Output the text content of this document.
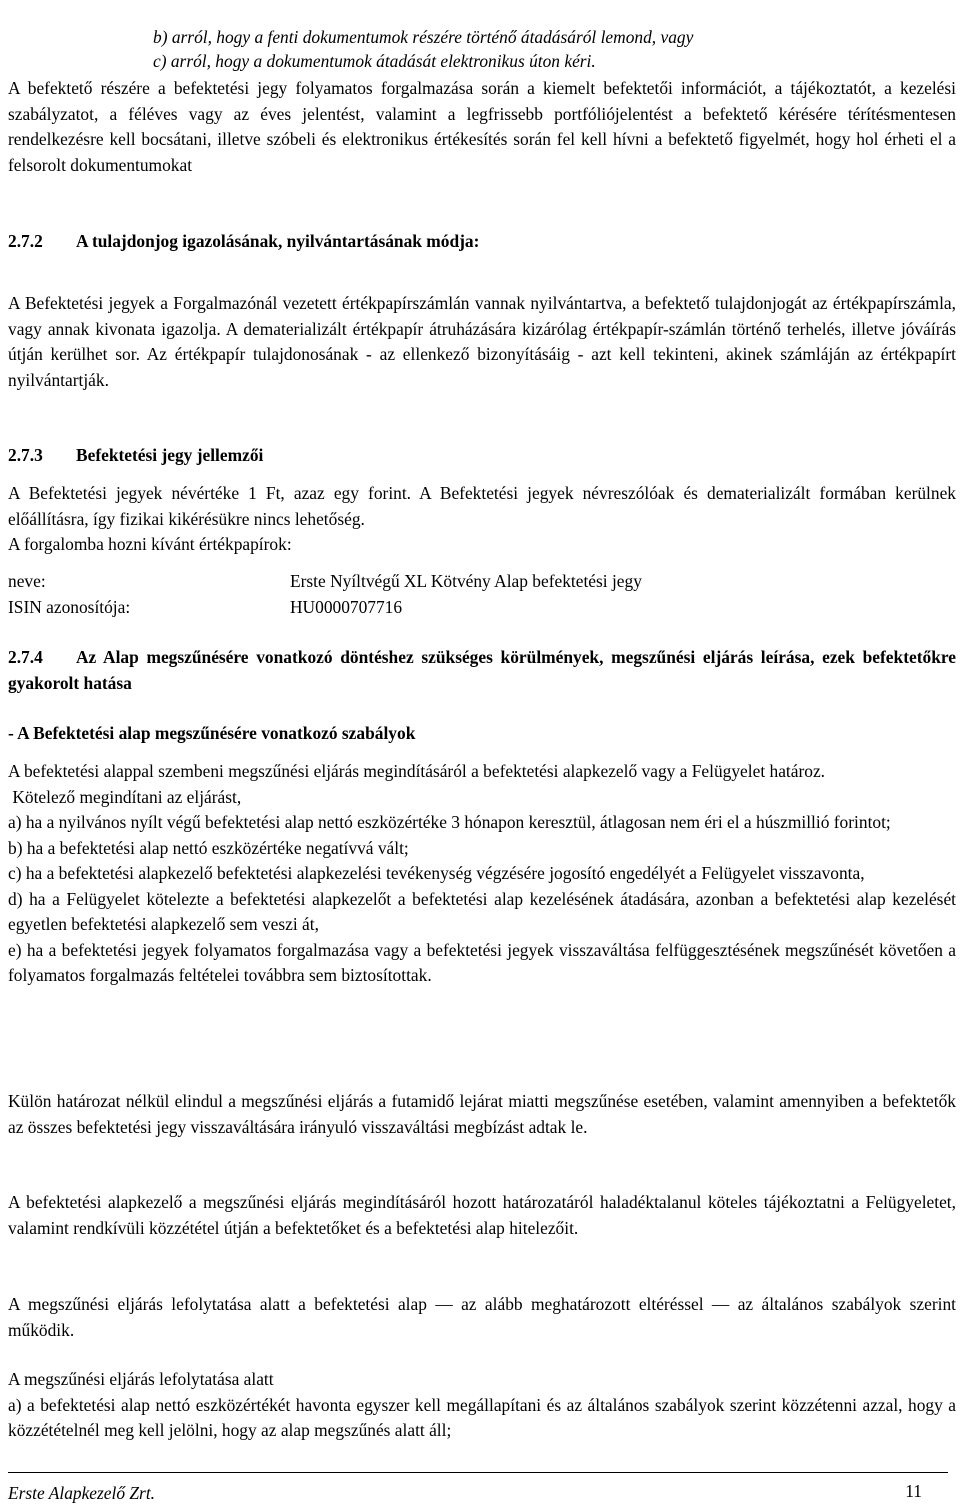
b) arról, hogy a fenti dokumentumok részére történő átadásáról lemond, vagy
c) arról, hogy a dokumentumok átadását elektronikus úton kéri.

A befektető részére a befektetési jegy folyamatos forgalmazása során a kiemelt befektetői információt, a tájékoztatót, a kezelési szabályzatot, a féléves vagy az éves jelentést, valamint a legfrissebb portfóliójelentést a befektető kérésére térítésmentesen rendelkezésre kell bocsátani, illetve szóbeli és elektronikus értékesítés során fel kell hívni a befektető figyelmét, hogy hol érheti el a felsorolt dokumentumokat

2.7.2 A tulajdonjog igazolásának, nyilvántartásának módja:

A Befektetési jegyek a Forgalmazónál vezetett értékpapírszámlán vannak nyilvántartva, a befektető tulajdonjogát az értékpapírszámla, vagy annak kivonata igazolja. A dematerializált értékpapír átruházására kizárólag értékpapír-számlán történő terhelés, illetve jóváírás útján kerülhet sor. Az értékpapír tulajdonosának - az ellenkező bizonyításáig - azt kell tekinteni, akinek számláján az értékpapírt nyilvántartják.

2.7.3 Befektetési jegy jellemzői

A Befektetési jegyek névértéke 1 Ft, azaz egy forint. A Befektetési jegyek névreszólóak és dematerializált formában kerülnek előállításra, így fizikai kikérésükre nincs lehetőség.

A forgalomba hozni kívánt értékpapírok:

neve:	Erste Nyíltvégű XL Kötvény Alap befektetési jegy
ISIN azonosítója:	HU0000707716

2.7.4 Az Alap megszűnésére vonatkozó döntéshez szükséges körülmények, megszűnési eljárás leírása, ezek befektetőkre gyakorolt hatása

- A Befektetési alap megszűnésére vonatkozó szabályok

A befektetési alappal szembeni megszűnési eljárás megindításáról a befektetési alapkezelő vagy a Felügyelet határoz.

Kötelező megindítani az eljárást,

a) ha a nyilvános nyílt végű befektetési alap nettó eszközértéke 3 hónapon keresztül, átlagosan nem éri el a húszmillió forintot;

b) ha a befektetési alap nettó eszközértéke negatívvá vált;

c) ha a befektetési alapkezelő befektetési alapkezelési tevékenység végzésére jogosító engedélyét a Felügyelet visszavonta,

d) ha a Felügyelet kötelezte a befektetési alapkezelőt a befektetési alap kezelésének átadására, azonban a befektetési alap kezelését egyetlen befektetési alapkezelő sem veszi át,

e) ha a befektetési jegyek folyamatos forgalmazása vagy a befektetési jegyek visszaváltása felfüggesztésének megszűnését követően a folyamatos forgalmazás feltételei továbbra sem biztosítottak.

Külön határozat nélkül elindul a megszűnési eljárás a futamidő lejárat miatti megszűnése esetében, valamint amennyiben a befektetők az összes befektetési jegy visszaváltására irányuló visszaváltási megbízást adtak le.

A befektetési alapkezelő a megszűnési eljárás megindításáról hozott határozatáról haladéktalanul köteles tájékoztatni a Felügyeletet, valamint rendkívüli közzététel útján a befektetőket és a befektetési alap hitelezőit.

A megszűnési eljárás lefolytatása alatt a befektetési alap — az alább meghatározott eltéréssel — az általános szabályok szerint működik.

A megszűnési eljárás lefolytatása alatt

a) a befektetési alap nettó eszközértékét havonta egyszer kell megállapítani és az általános szabályok szerint közzétenni azzal, hogy a közzétételnél meg kell jelölni, hogy az alap megszűnés alatt áll;

Erste Alapkezelő Zrt.	11
